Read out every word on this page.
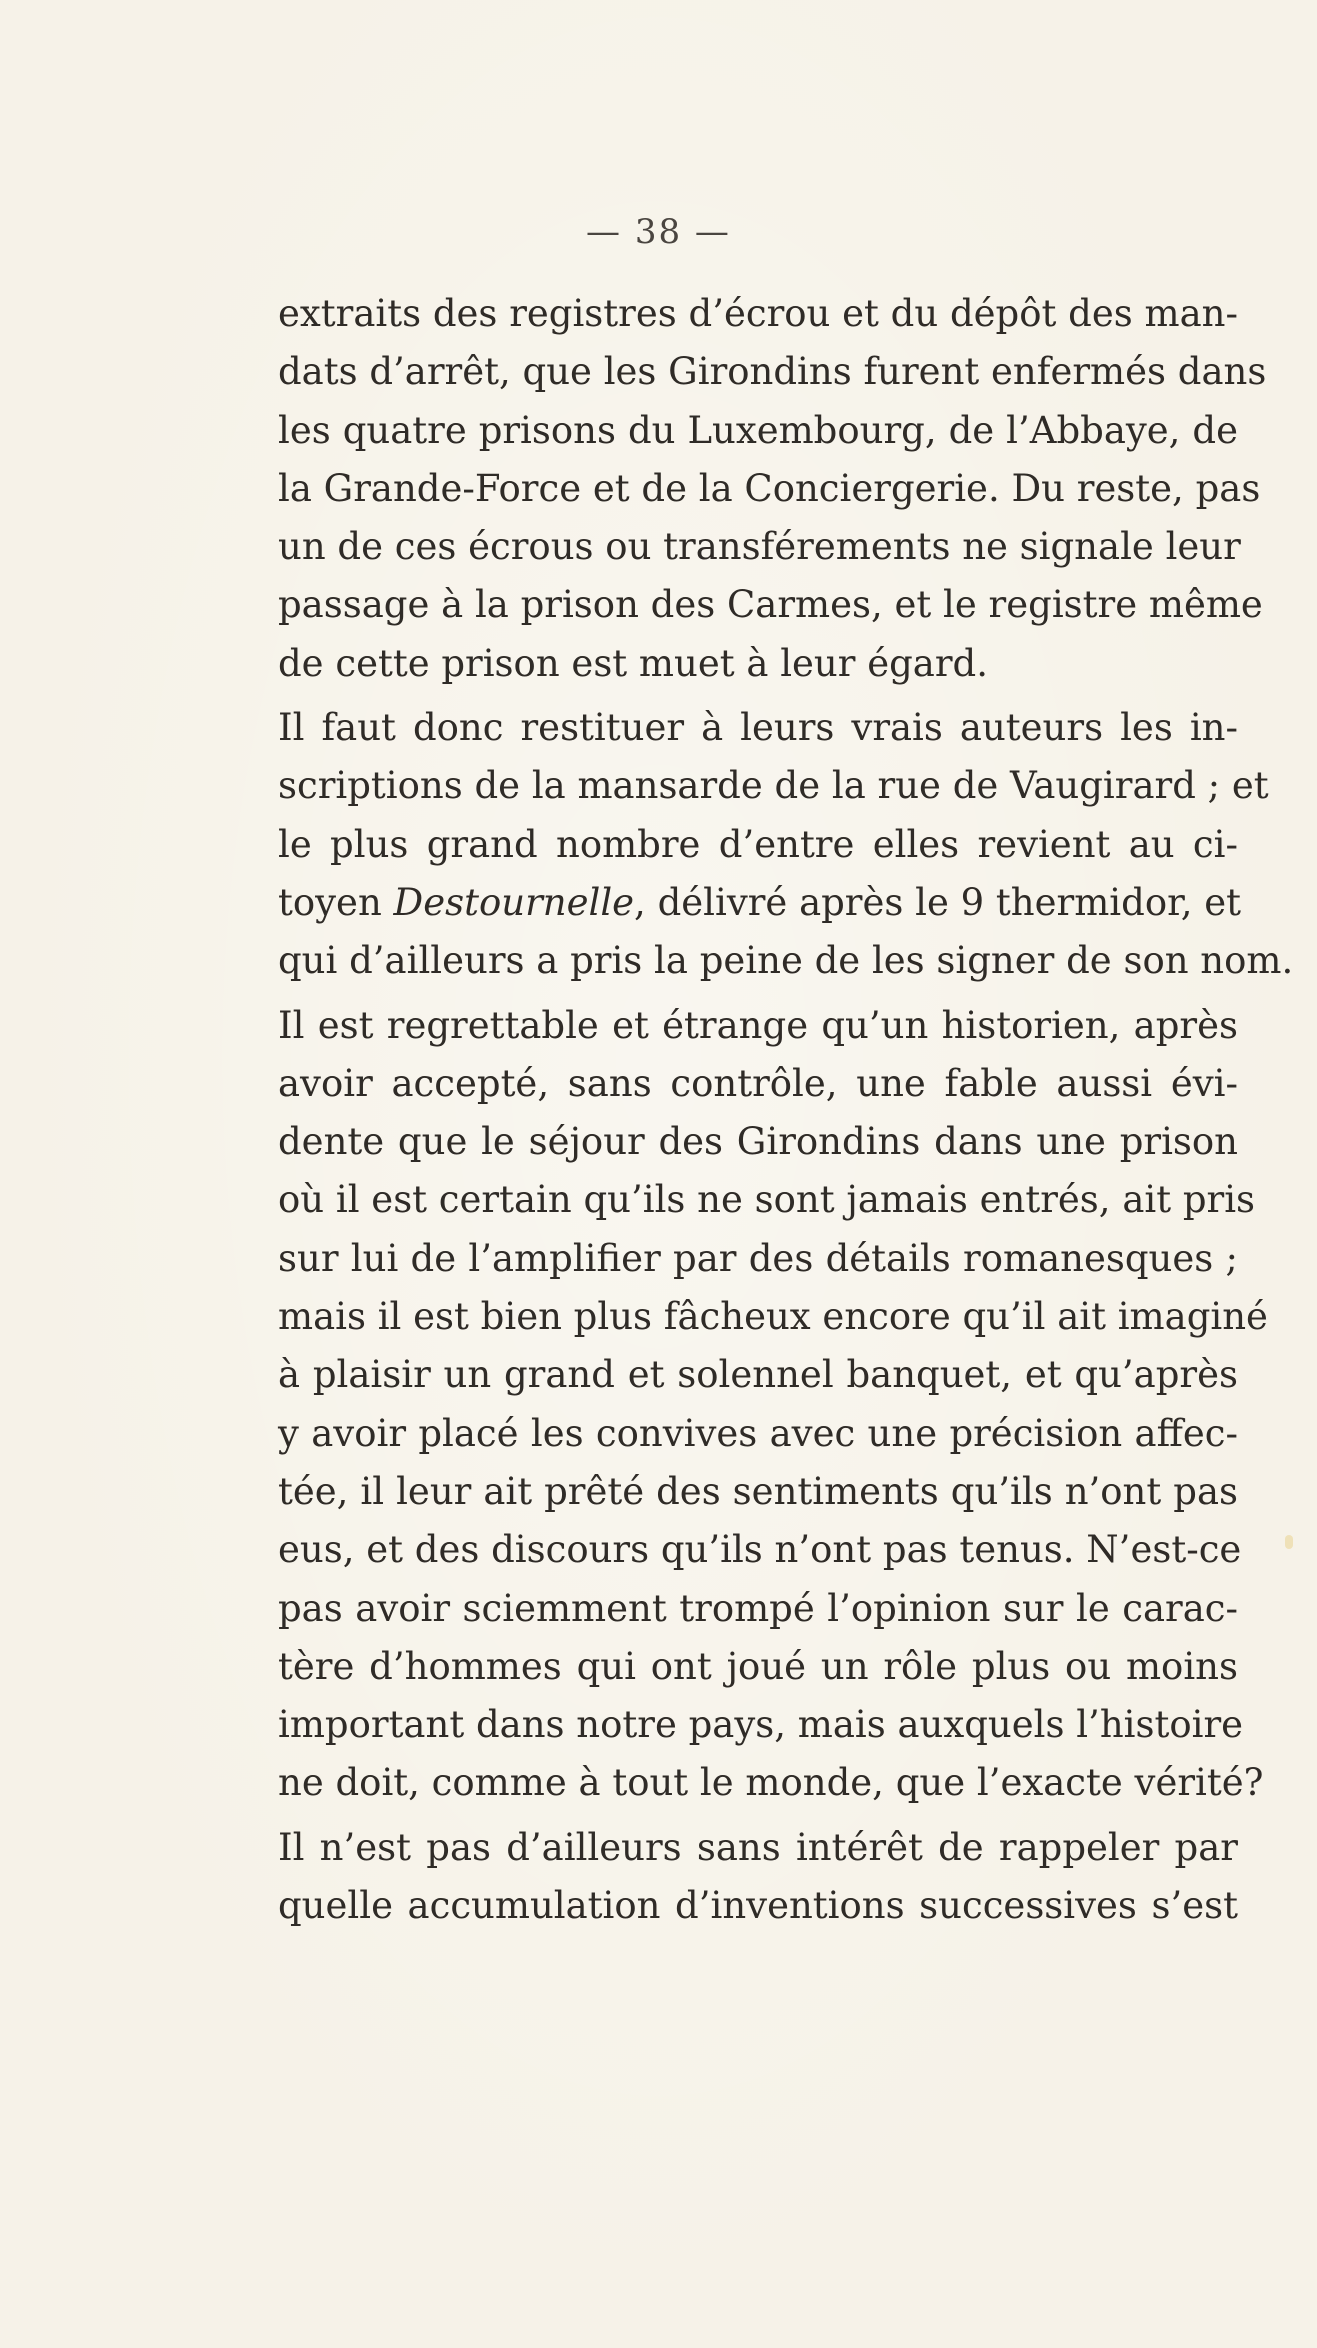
— 38 —
extraits des registres d’écrou et du dépôt des man-
dats d’arrêt, que les Girondins furent enfermés dans
les quatre prisons du Luxembourg, de l’Abbaye, de
la Grande-Force et de la Conciergerie. Du reste, pas
un de ces écrous ou transférements ne signale leur
passage à la prison des Carmes, et le registre même
de cette prison est muet à leur égard.
Il faut donc restituer à leurs vrais auteurs les in-
scriptions de la mansarde de la rue de Vaugirard ; et
le plus grand nombre d’entre elles revient au ci-
toyen Destournelle, délivré après le 9 thermidor, et
qui d’ailleurs a pris la peine de les signer de son nom.
Il est regrettable et étrange qu’un historien, après
avoir accepté, sans contrôle, une fable aussi évi-
dente que le séjour des Girondins dans une prison
où il est certain qu’ils ne sont jamais entrés, ait pris
sur lui de l’amplifier par des détails romanesques ;
mais il est bien plus fâcheux encore qu’il ait imaginé
à plaisir un grand et solennel banquet, et qu’après
y avoir placé les convives avec une précision affec-
tée, il leur ait prêté des sentiments qu’ils n’ont pas
eus, et des discours qu’ils n’ont pas tenus. N’est-ce
pas avoir sciemment trompé l’opinion sur le carac-
tère d’hommes qui ont joué un rôle plus ou moins
important dans notre pays, mais auxquels l’histoire
ne doit, comme à tout le monde, que l’exacte vérité?
Il n’est pas d’ailleurs sans intérêt de rappeler par
quelle accumulation d’inventions successives s’est
